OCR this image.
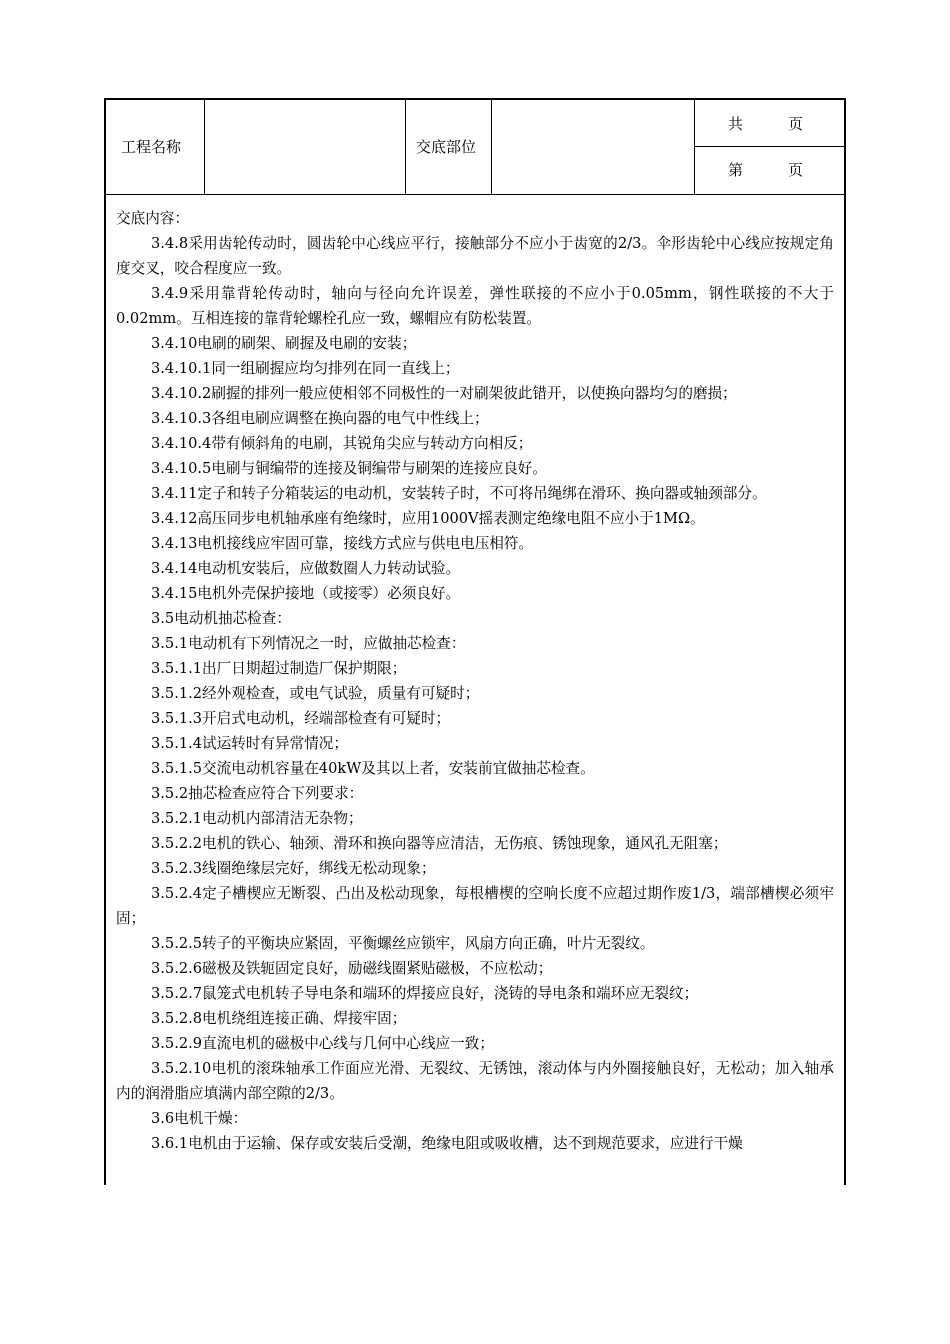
工程名称	交底部位
共　　　页
第　　　页
交底内容：

3.4.8采用齿轮传动时，圆齿轮中心线应平行，接触部分不应小于齿宽的2/3。伞形齿轮中心线应按规定角度交叉，咬合程度应一致。

3.4.9采用靠背轮传动时，轴向与径向允许误差，弹性联接的不应小于0.05mm，钢性联接的不大于0.02mm。互相连接的靠背轮螺栓孔应一致，螺帽应有防松装置。

3.4.10电刷的刷架、刷握及电刷的安装；

3.4.10.1同一组刷握应均匀排列在同一直线上；

3.4.10.2刷握的排列一般应使相邻不同极性的一对刷架彼此错开，以使换向器均匀的磨损；

3.4.10.3各组电刷应调整在换向器的电气中性线上；

3.4.10.4带有倾斜角的电刷，其锐角尖应与转动方向相反；

3.4.10.5电刷与铜编带的连接及铜编带与刷架的连接应良好。

3.4.11定子和转子分箱装运的电动机，安装转子时，不可将吊绳绑在滑环、换向器或轴颈部分。

3.4.12高压同步电机轴承座有绝缘时，应用1000V摇表测定绝缘电阻不应小于1MΩ。

3.4.13电机接线应牢固可靠，接线方式应与供电电压相符。

3.4.14电动机安装后，应做数圈人力转动试验。

3.4.15电机外壳保护接地（或接零）必须良好。

3.5电动机抽芯检查：

3.5.1电动机有下列情况之一时，应做抽芯检查：

3.5.1.1出厂日期超过制造厂保护期限；

3.5.1.2经外观检查，或电气试验，质量有可疑时；

3.5.1.3开启式电动机，经端部检查有可疑时；

3.5.1.4试运转时有异常情况；

3.5.1.5交流电动机容量在40kW及其以上者，安装前宜做抽芯检查。

3.5.2抽芯检查应符合下列要求：

3.5.2.1电动机内部清洁无杂物；

3.5.2.2电机的铁心、轴颈、滑环和换向器等应清洁，无伤痕、锈蚀现象，通风孔无阻塞；

3.5.2.3线圈绝缘层完好，绑线无松动现象；

3.5.2.4定子槽楔应无断裂、凸出及松动现象，每根槽楔的空响长度不应超过期作废1/3，端部槽楔必须牢固；

3.5.2.5转子的平衡块应紧固，平衡螺丝应锁牢，风扇方向正确，叶片无裂纹。

3.5.2.6磁极及铁轭固定良好，励磁线圈紧贴磁极，不应松动；

3.5.2.7鼠笼式电机转子导电条和端环的焊接应良好，浇铸的导电条和端环应无裂纹；

3.5.2.8电机绕组连接正确、焊接牢固；

3.5.2.9直流电机的磁极中心线与几何中心线应一致；

3.5.2.10电机的滚珠轴承工作面应光滑、无裂纹、无锈蚀，滚动体与内外圈接触良好，无松动；加入轴承内的润滑脂应填满内部空隙的2/3。

3.6电机干燥：

3.6.1电机由于运输、保存或安装后受潮，绝缘电阻或吸收槽，达不到规范要求，应进行干燥
